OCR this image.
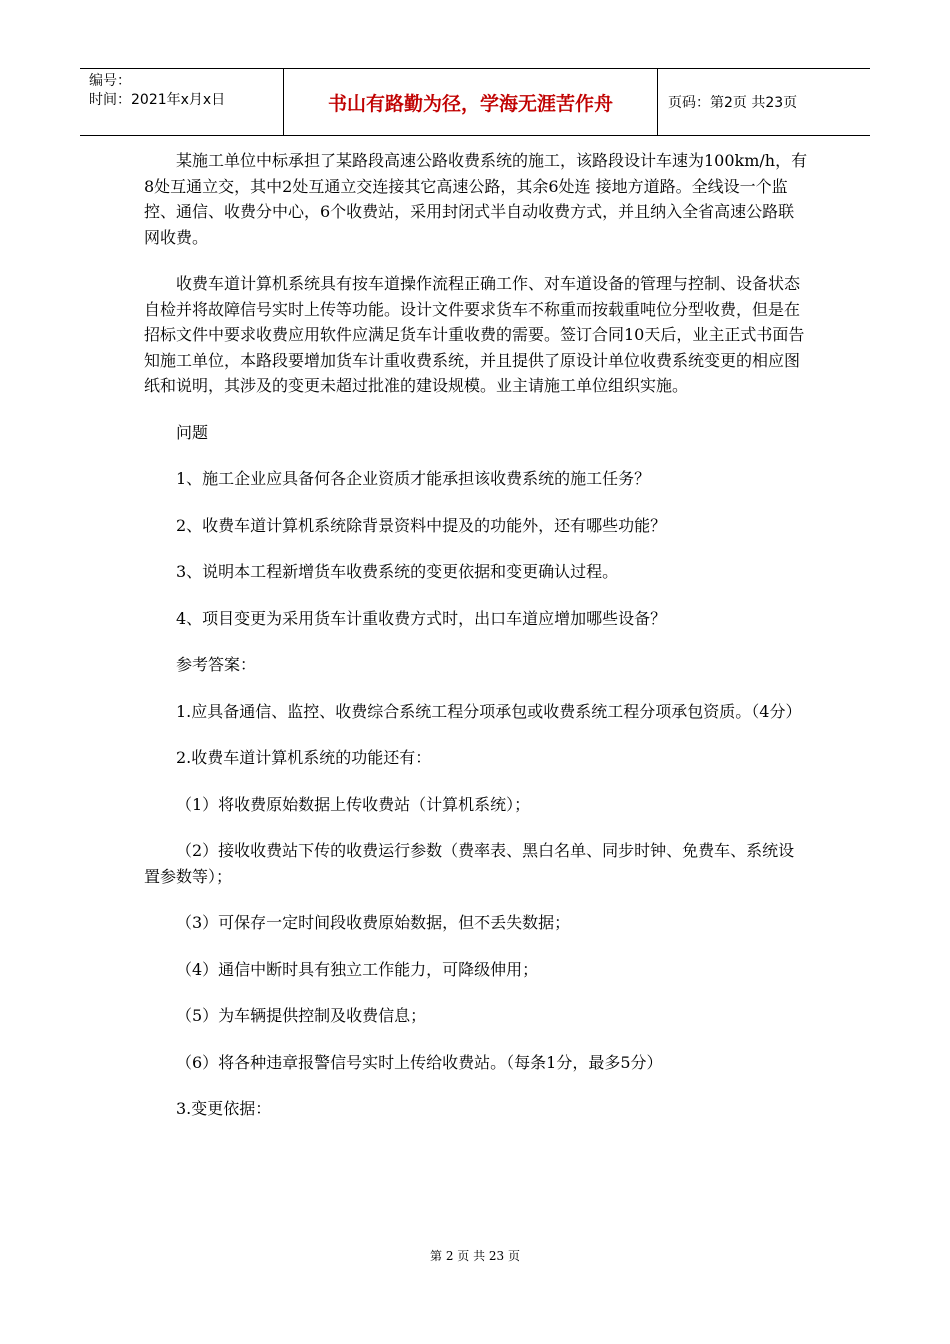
编号：
时间：2021年x月x日	书山有路勤为径，学海无涯苦作舟	页码：第2页 共23页

某施工单位中标承担了某路段高速公路收费系统的施工，该路段设计车速为100km/h，有8处互通立交，其中2处互通立交连接其它高速公路，其余6处连 接地方道路。全线设一个监控、通信、收费分中心，6个收费站，采用封闭式半自动收费方式，并且纳入全省高速公路联网收费。

收费车道计算机系统具有按车道操作流程正确工作、对车道设备的管理与控制、设备状态自检并将故障信号实时上传等功能。设计文件要求货车不称重而按载重吨位分型收费，但是在招标文件中要求收费应用软件应满足货车计重收费的需要。签订合同10天后，业主正式书面告知施工单位，本路段要增加货车计重收费系统，并且提供了原设计单位收费系统变更的相应图纸和说明，其涉及的变更未超过批准的建设规模。业主请施工单位组织实施。

问题

1、施工企业应具备何各企业资质才能承担该收费系统的施工任务？

2、收费车道计算机系统除背景资料中提及的功能外，还有哪些功能？

3、说明本工程新增货车收费系统的变更依据和变更确认过程。

4、项目变更为采用货车计重收费方式时，出口车道应增加哪些设备？

参考答案：

1.应具备通信、监控、收费综合系统工程分项承包或收费系统工程分项承包资质。（4分）

2.收费车道计算机系统的功能还有：

（1）将收费原始数据上传收费站（计算机系统）；

（2）接收收费站下传的收费运行参数（费率表、黑白名单、同步时钟、免费车、系统设置参数等）；

（3）可保存一定时间段收费原始数据，但不丢失数据；

（4）通信中断时具有独立工作能力，可降级伸用；

（5）为车辆提供控制及收费信息；

（6）将各种违章报警信号实时上传给收费站。（每条1分，最多5分）

3.变更依据：

第 2 页 共 23 页
